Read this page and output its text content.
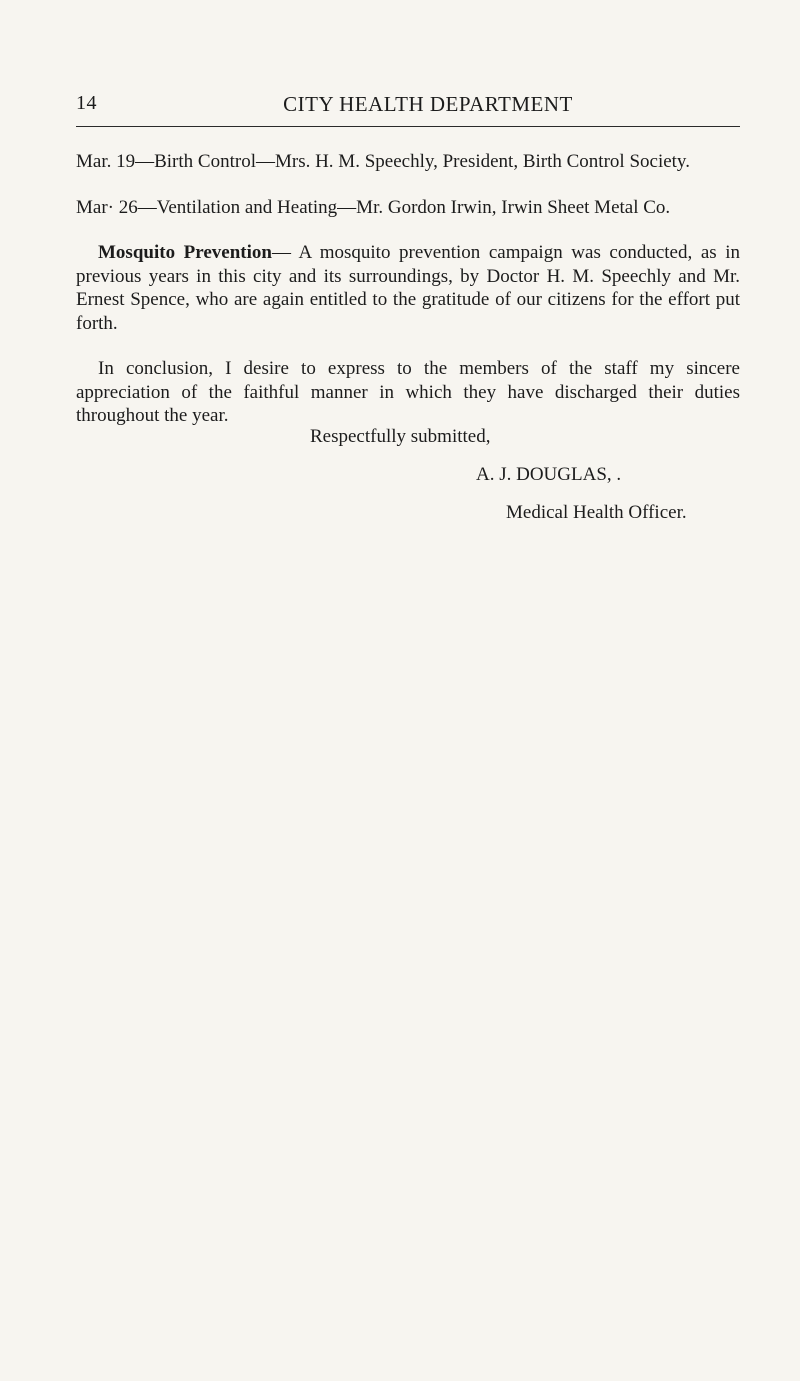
14	CITY HEALTH DEPARTMENT

Mar. 19—Birth Control—Mrs. H. M. Speechly, President, Birth Control Society.

Mar· 26—Ventilation and Heating—Mr. Gordon Irwin, Irwin Sheet Metal Co.

Mosquito Prevention— A mosquito prevention campaign was conducted, as in previous years in this city and its surroundings, by Doctor H. M. Speechly and Mr. Ernest Spence, who are again entitled to the gratitude of our citizens for the effort put forth.

In conclusion, I desire to express to the members of the staff my sincere appreciation of the faithful manner in which they have discharged their duties throughout the year.

Respectfully submitted,
A. J. DOUGLAS, .
Medical Health Officer.
